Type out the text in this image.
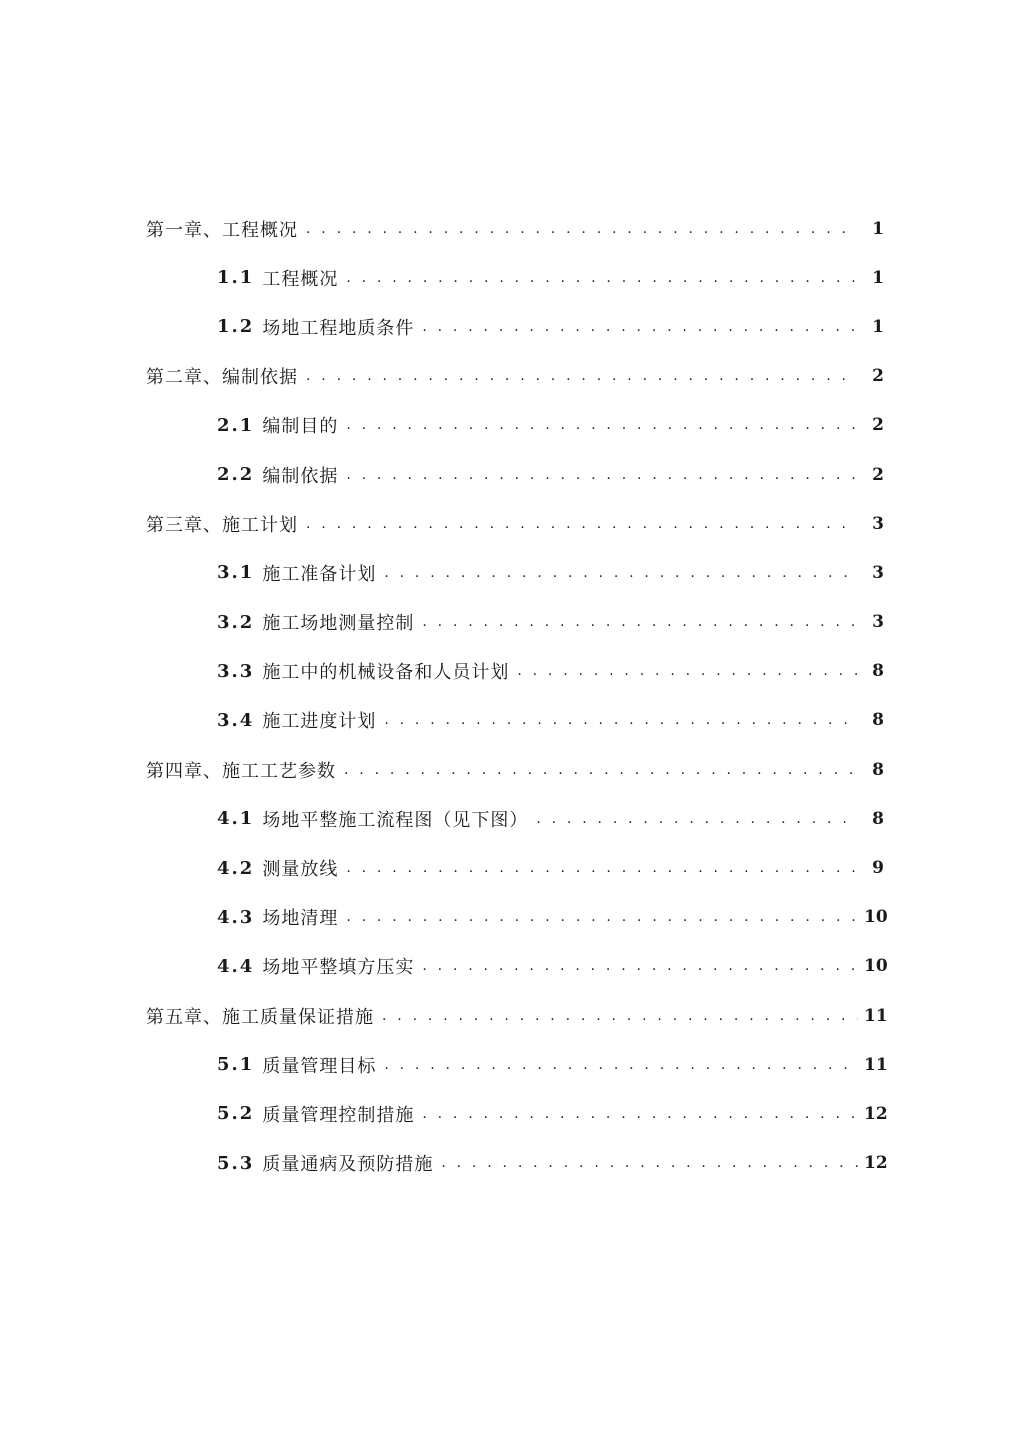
第一章、工程概况 . . .	1
1.1 工程概况 . . .	1
1.2 场地工程地质条件 . . .	1
第二章、编制依据 . . .	2
2.1 编制目的 . . .	2
2.2 编制依据 . . .	2
第三章、施工计划 . . .	3
3.1 施工准备计划 . . .	3
3.2 施工场地测量控制 . . .	3
3.3 施工中的机械设备和人员计划 . . .	8
3.4 施工进度计划 . . .	8
第四章、施工工艺参数 . . .	8
4.1 场地平整施工流程图（见下图） . . .	8
4.2 测量放线 . . .	9
4.3 场地清理 . . .	10
4.4 场地平整填方压实 . . .	10
第五章、施工质量保证措施 . . .	11
5.1 质量管理目标 . . .	11
5.2 质量管理控制措施 . . .	12
5.3 质量通病及预防措施 . . .	12
